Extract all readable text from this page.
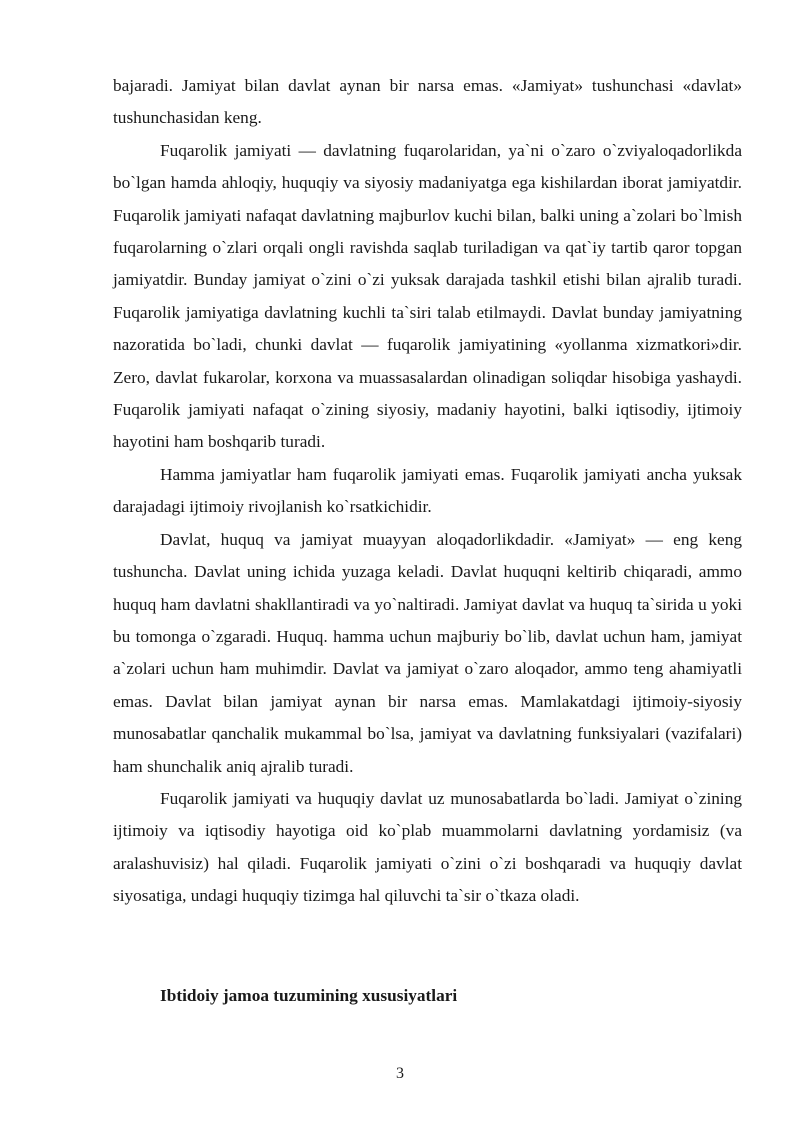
bajaradi. Jamiyat bilan davlat aynan bir narsa emas. «Jamiyat» tushunchasi «davlat» tushunchasidan keng.

Fuqarolik jamiyati — davlatning fuqarolaridan, ya`ni o`zaro o`zviyaloqadorlikda bo`lgan hamda ahloqiy, huquqiy va siyosiy madaniyatga ega kishilardan iborat jamiyatdir. Fuqarolik jamiyati nafaqat davlatning majburlov kuchi bilan, balki uning a`zolari bo`lmish fuqarolarning o`zlari orqali ongli ravishda saqlab turiladigan va qat`iy tartib qaror topgan jamiyatdir. Bunday jamiyat o`zini o`zi yuksak darajada tashkil etishi bilan ajralib turadi. Fuqarolik jamiyatiga davlatning kuchli ta`siri talab etilmaydi. Davlat bunday jamiyatning nazoratida bo`ladi, chunki davlat — fuqarolik jamiyatining «yollanma xizmatkori»dir. Zero, davlat fukarolar, korxona va muassasalardan olinadigan soliqdar hisobiga yashaydi. Fuqarolik jamiyati nafaqat o`zining siyosiy, madaniy hayotini, balki iqtisodiy, ijtimoiy hayotini ham boshqarib turadi.

Hamma jamiyatlar ham fuqarolik jamiyati emas. Fuqarolik jamiyati ancha yuksak darajadagi ijtimoiy rivojlanish ko`rsatkichidir.

Davlat, huquq va jamiyat muayyan aloqadorlikdadir. «Jamiyat» — eng keng tushuncha. Davlat uning ichida yuzaga keladi. Davlat huquqni keltirib chiqaradi, ammo huquq ham davlatni shakllantiradi va yo`naltiradi. Jamiyat davlat va huquq ta`sirida u yoki bu tomonga o`zgaradi. Huquq. hamma uchun majburiy bo`lib, davlat uchun ham, jamiyat a`zolari uchun ham muhimdir. Davlat va jamiyat o`zaro aloqador, ammo teng ahamiyatli emas. Davlat bilan jamiyat aynan bir narsa emas. Mamlakatdagi ijtimoiy-siyosiy munosabatlar qanchalik mukammal bo`lsa, jamiyat va davlatning funksiyalari (vazifalari) ham shunchalik aniq ajralib turadi.

Fuqarolik jamiyati va huquqiy davlat uz munosabatlarda bo`ladi. Jamiyat o`zining ijtimoiy va iqtisodiy hayotiga oid ko`plab muammolarni davlatning yordamisiz (va aralashuvisiz) hal qiladi. Fuqarolik jamiyati o`zini o`zi boshqaradi va huquqiy davlat siyosatiga, undagi huquqiy tizimga hal qiluvchi ta`sir o`tkaza oladi.

Ibtidoiy jamoa tuzumining xususiyatlari
3
